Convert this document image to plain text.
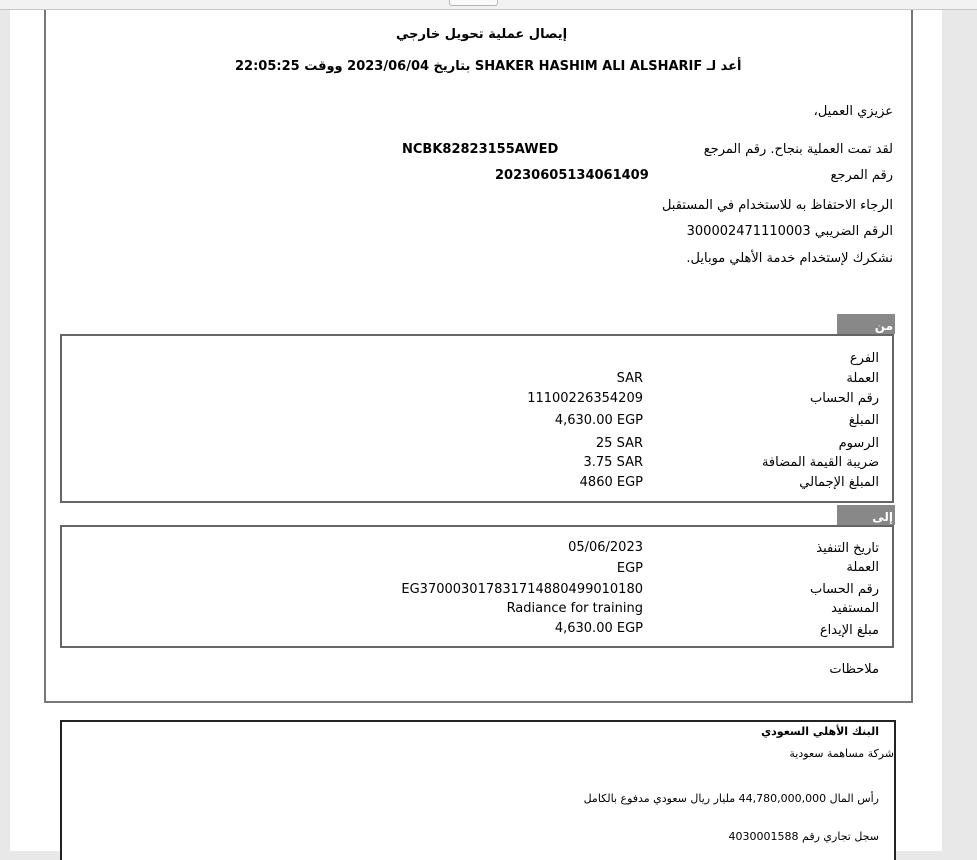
إيصال عملية تحويل خارجي
أعد لـ SHAKER HASHIM ALI ALSHARIF بتاريخ 2023/06/04 ووقت 22:05:25
عزيزي العميل،
لقد تمت العملية بنجاح. رقم المرجع
NCBK82823155AWED
رقم المرجع
20230605134061409
الرجاء الاحتفاظ به للاستخدام في المستقبل
الرقم الضريبي 300002471110003
نشكرك لإستخدام خدمة الأهلي موبايل.
من
الفرع
العملة
SAR
رقم الحساب
11100226354209
المبلغ
4,630.00 EGP
الرسوم
25 SAR
ضريبة القيمة المضافة
3.75 SAR
المبلغ الإجمالي
4860 EGP
إلى
تاريخ التنفيذ
05/06/2023
العملة
EGP
رقم الحساب
EG370003017831714880499010180
المستفيد
Radiance for training
مبلغ الإيداع
4,630.00 EGP
ملاحظات
البنك الأهلي السعودي
شركة مساهمة سعودية
رأس المال 44,780,000,000 مليار ريال سعودي مدفوع بالكامل
سجل تجاري رقم 4030001588
